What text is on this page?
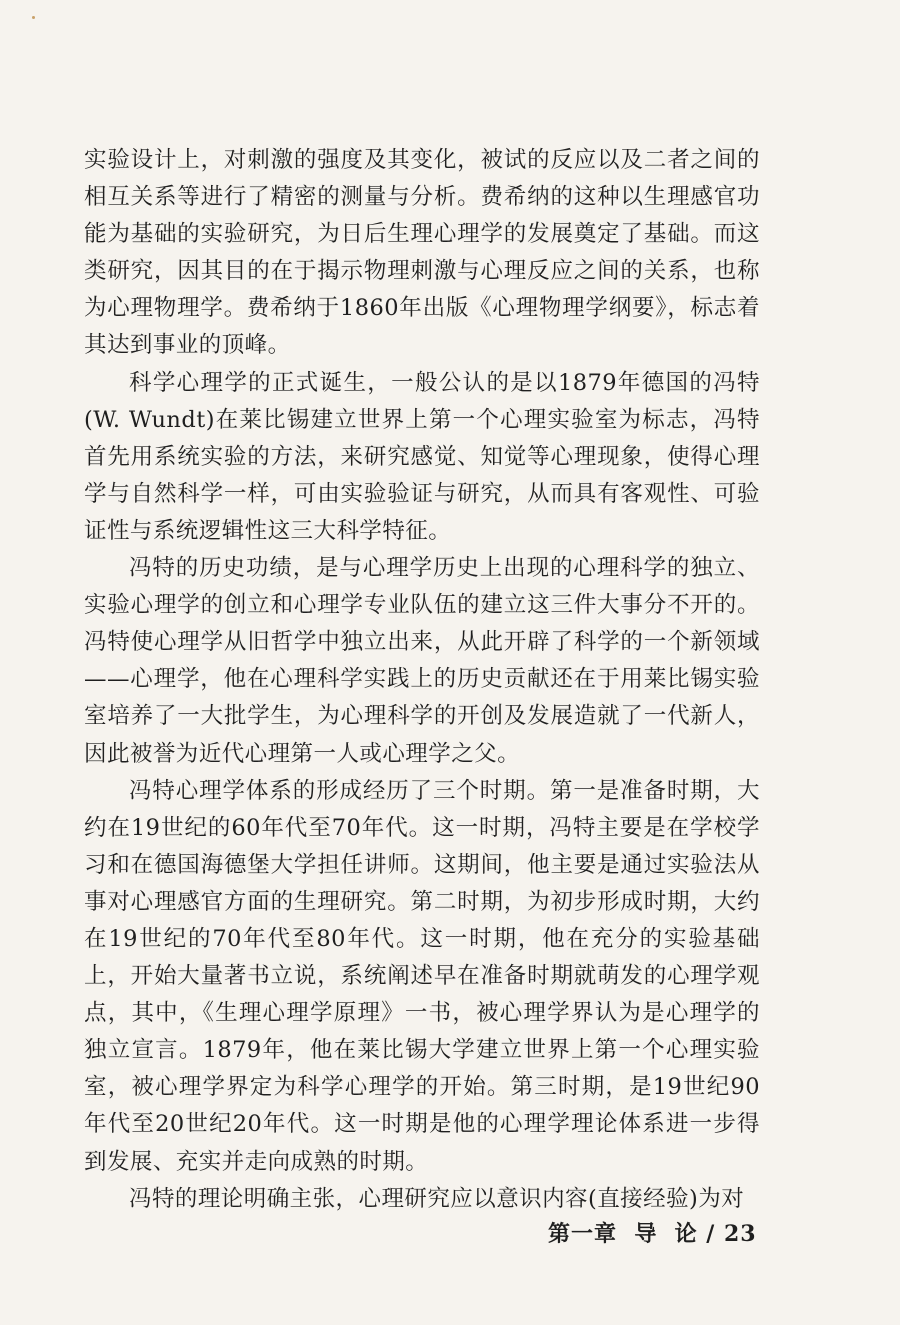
实验设计上，对刺激的强度及其变化，被试的反应以及二者之间的相互关系等进行了精密的测量与分析。费希纳的这种以生理感官功能为基础的实验研究，为日后生理心理学的发展奠定了基础。而这类研究，因其目的在于揭示物理刺激与心理反应之间的关系，也称为心理物理学。费希纳于1860年出版《心理物理学纲要》，标志着其达到事业的顶峰。

科学心理学的正式诞生，一般公认的是以1879年德国的冯特(W. Wundt)在莱比锡建立世界上第一个心理实验室为标志，冯特首先用系统实验的方法，来研究感觉、知觉等心理现象，使得心理学与自然科学一样，可由实验验证与研究，从而具有客观性、可验证性与系统逻辑性这三大科学特征。

冯特的历史功绩，是与心理学历史上出现的心理科学的独立、实验心理学的创立和心理学专业队伍的建立这三件大事分不开的。冯特使心理学从旧哲学中独立出来，从此开辟了科学的一个新领域——心理学，他在心理科学实践上的历史贡献还在于用莱比锡实验室培养了一大批学生，为心理科学的开创及发展造就了一代新人，因此被誉为近代心理第一人或心理学之父。

冯特心理学体系的形成经历了三个时期。第一是准备时期，大约在19世纪的60年代至70年代。这一时期，冯特主要是在学校学习和在德国海德堡大学担任讲师。这期间，他主要是通过实验法从事对心理感官方面的生理研究。第二时期，为初步形成时期，大约在19世纪的70年代至80年代。这一时期，他在充分的实验基础上，开始大量著书立说，系统阐述早在准备时期就萌发的心理学观点，其中，《生理心理学原理》一书，被心理学界认为是心理学的独立宣言。1879年，他在莱比锡大学建立世界上第一个心理实验室，被心理学界定为科学心理学的开始。第三时期，是19世纪90年代至20世纪20年代。这一时期是他的心理学理论体系进一步得到发展、充实并走向成熟的时期。

冯特的理论明确主张，心理研究应以意识内容(直接经验)为对

第一章  导  论 / 23
